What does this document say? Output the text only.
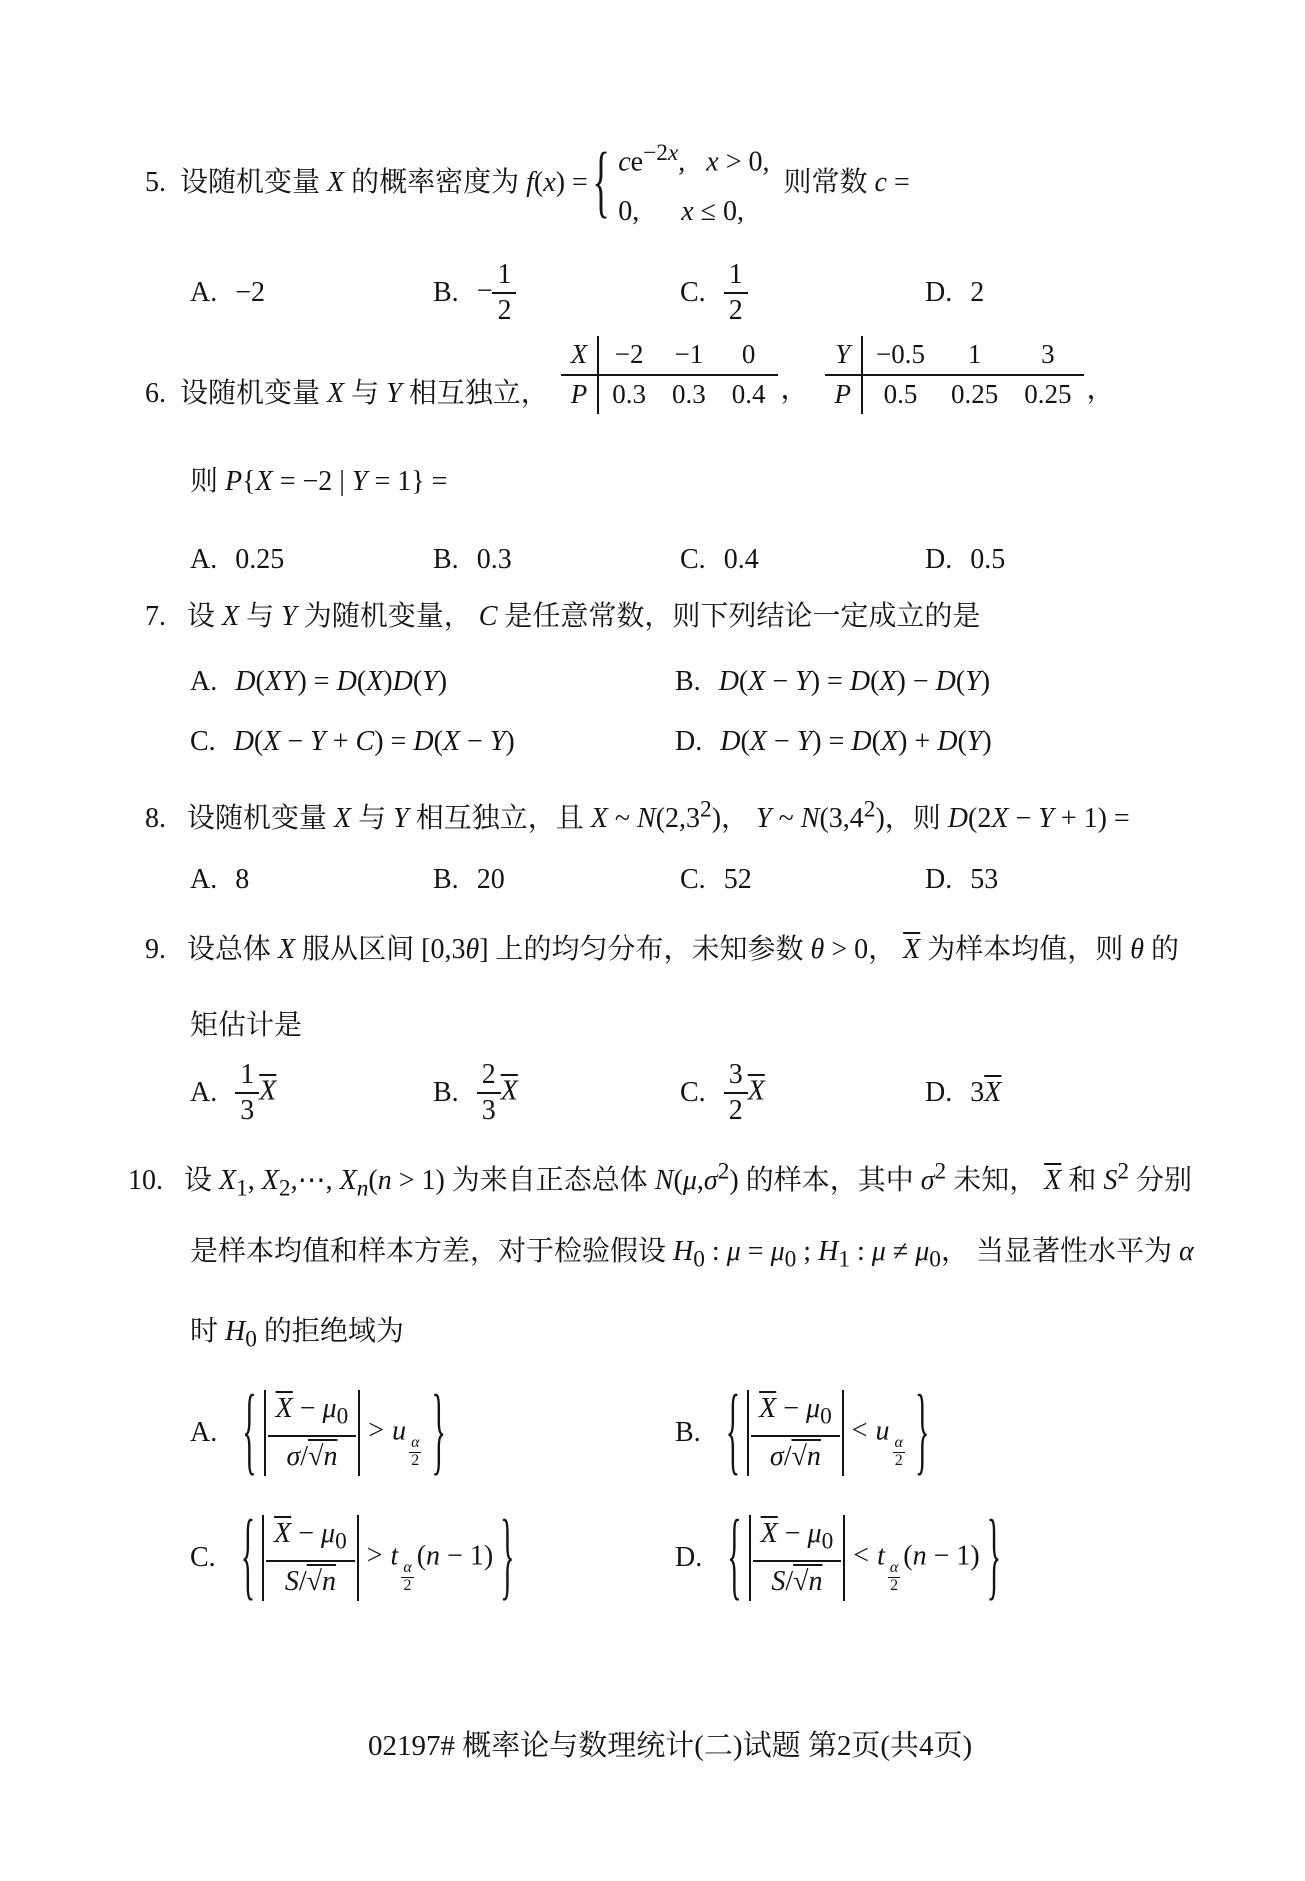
5. 设随机变量 X 的概率密度为 f(x) = { $ce^{-2x}$,   x > 0,
0,      x ≤ 0,
则常数 c =
A. −2	B. − $\frac{1}{2}$	C. $\frac{1}{2}$	D. 2
6. 设随机变量 X 与 Y 相互独立，
X	−2	−1	0
P	0.3	0.3	0.4 ，
Y	−0.5	1	3
P	0.5	0.25	0.25 ，
则 P{X = −2 | Y = 1} =
A. 0.25	B. 0.3	C. 0.4	D. 0.5
7. 设 X 与 Y 为随机变量， C 是任意常数，则下列结论一定成立的是
A. D(XY) = D(X)D(Y)	B. D(X − Y) = D(X) − D(Y)
C. D(X − Y + C) = D(X − Y)	D. D(X − Y) = D(X) + D(Y)
8. 设随机变量 X 与 Y 相互独立，且 X ~ $N(2,3^2)$， Y ~ $N(3,4^2)$，则 D(2X − Y + 1) =
A. 8	B. 20	C. 52	D. 53
9. 设总体 X 服从区间 [0,3θ] 上的均匀分布，未知参数 θ > 0， $\overline{X}$ 为样本均值，则 θ 的
矩估计是
A. $\frac{1}{3} \overline{X}$	B. $\frac{2}{3} \overline{X}$	C. $\frac{3}{2} \overline{X}$	D. $3\overline{X}$
10. 设 $X_1$, $X_2,\cdots$, $X_n(n > 1)$ 为来自正态总体 $N(\mu,\sigma^2)$ 的样本，其中 $\sigma^2$ 未知， $\overline{X}$ 和 $S^2$ 分别
是样本均值和样本方差，对于检验假设 $H_0$ : $\mu = \mu_0$ ; $H_1$ : $\mu \ne \mu_0$， 当显著性水平为 α
时 $H_0$ 的拒绝域为
A. { $\frac{\overline{X} - \mu_0}{\sigma/√n} > u$
$\frac{\alpha}{2}$ }	B. { $\frac{\overline{X} - \mu_0}{\sigma/√n} < u$
$\frac{\alpha}{2}$ }
C. { $\frac{\overline{X} - \mu_0}{S/√n} > t$
$\frac{\alpha}{2}$
(n − 1) }	D. { $\frac{\overline{X} - \mu_0}{S/√n} < t$
$\frac{\alpha}{2}$
(n − 1) }
02197# 概率论与数理统计(二)试题 第2页(共4页)
